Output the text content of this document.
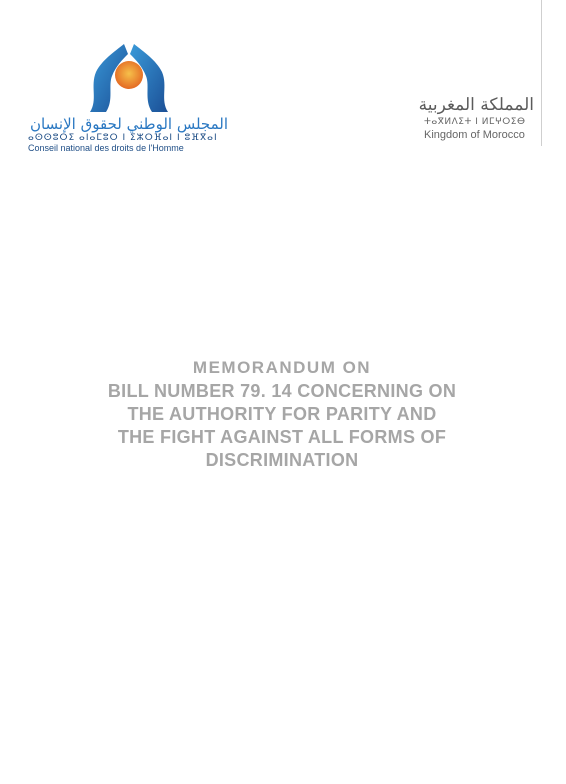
المجلس الوطني لحقوق الإنسان
ⴰⵙⵙⵓⵔⵉ ⴰⵏⴰⵎⵓⵔ ⵏ ⵉⵣⵔⴼⴰⵏ ⵏ ⵓⴼⴳⴰⵏ
Conseil national des droits de l'Homme
المملكة المغربية
ⵜⴰⴳⵍⴷⵉⵜ ⵏ ⵍⵎⵖⵔⵉⴱ
Kingdom of Morocco
MEMORANDUM ON
BILL NUMBER 79. 14 CONCERNING ON
THE AUTHORITY FOR PARITY AND
THE FIGHT AGAINST ALL FORMS OF
DISCRIMINATION
